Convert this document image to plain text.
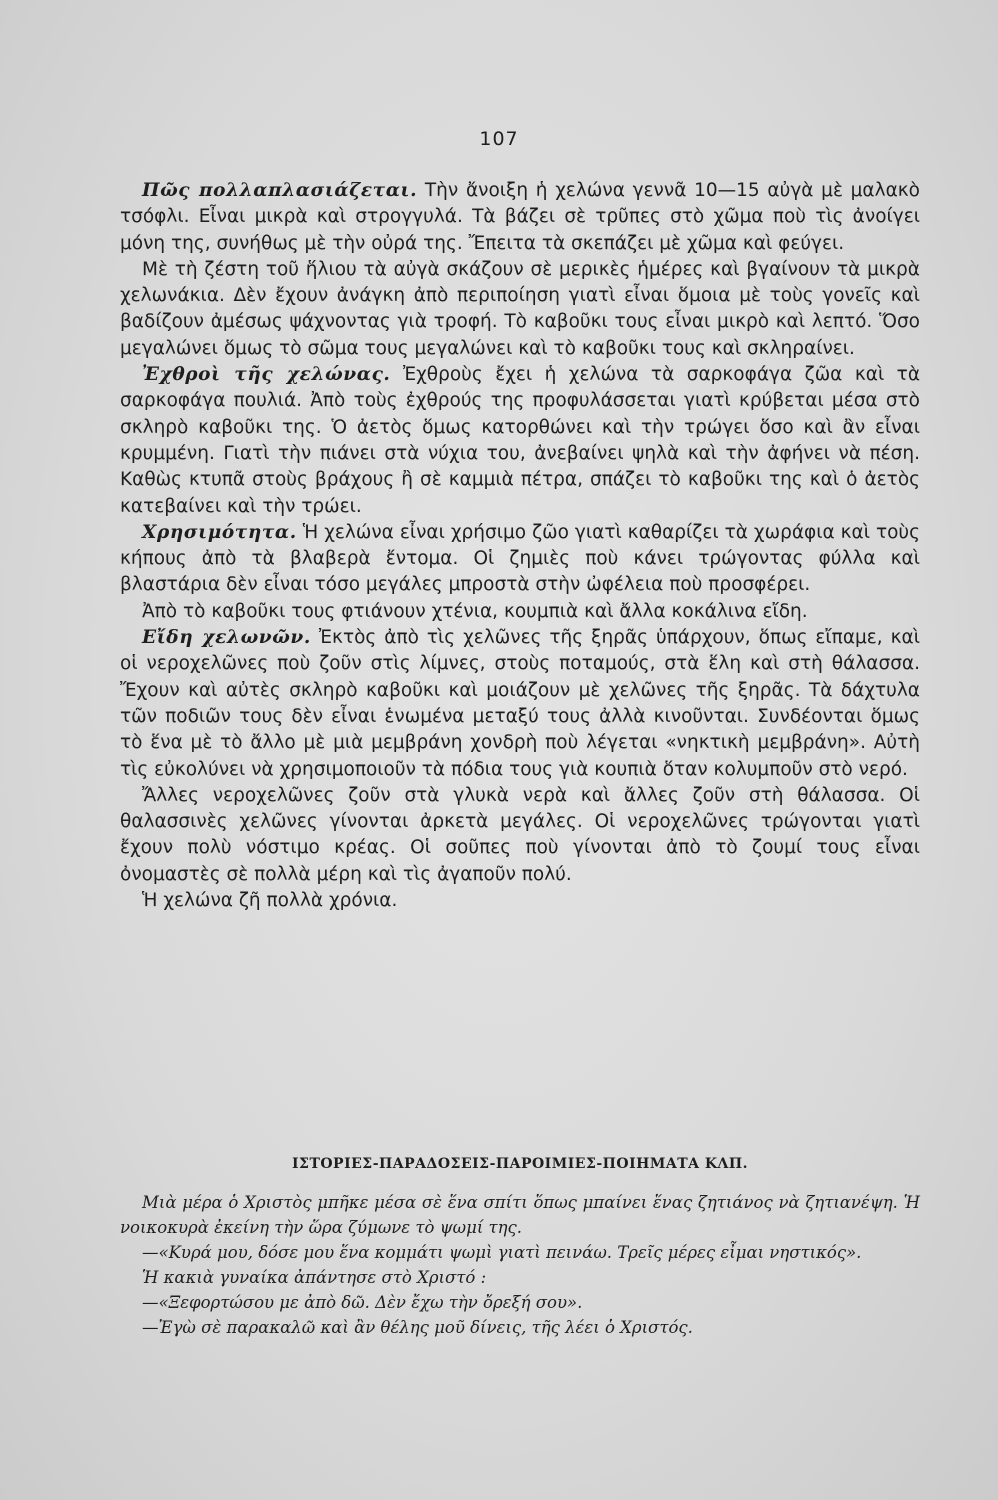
107

Πῶς πολλαπλασιάζεται. Τὴν ἄνοιξη ἡ χελώνα γεννᾶ 10—15 αὐγὰ μὲ μαλακὸ τσόφλι. Εἶναι μικρὰ καὶ στρογγυλά. Τὰ βάζει σὲ τρῦπες στὸ χῶμα ποὺ τὶς ἀνοίγει μόνη της, συνήθως μὲ τὴν οὐρά της. Ἔπειτα τὰ σκεπάζει μὲ χῶμα καὶ φεύγει.

Μὲ τὴ ζέστη τοῦ ἥλιου τὰ αὐγὰ σκάζουν σὲ μερικὲς ἡμέρες καὶ βγαίνουν τὰ μικρὰ χελωνάκια. Δὲν ἔχουν ἀνάγκη ἀπὸ περιποίηση γιατὶ εἶναι ὅμοια μὲ τοὺς γονεῖς καὶ βαδίζουν ἀμέσως ψάχνοντας γιὰ τροφή. Τὸ καβοῦκι τους εἶναι μικρὸ καὶ λεπτό. Ὅσο μεγαλώνει ὅμως τὸ σῶμα τους μεγαλώνει καὶ τὸ καβοῦκι τους καὶ σκληραίνει.

Ἐχθροὶ τῆς χελώνας. Ἐχθροὺς ἔχει ἡ χελώνα τὰ σαρκοφάγα ζῶα καὶ τὰ σαρκοφάγα πουλιά. Ἀπὸ τοὺς ἐχθρούς της προφυλάσσεται γιατὶ κρύβεται μέσα στὸ σκληρὸ καβοῦκι της. Ὁ ἀετὸς ὅμως κατορθώνει καὶ τὴν τρώγει ὅσο καὶ ἂν εἶναι κρυμμένη. Γιατὶ τὴν πιάνει στὰ νύχια του, ἀνεβαίνει ψηλὰ καὶ τὴν ἀφήνει νὰ πέση. Καθὼς κτυπᾶ στοὺς βράχους ἢ σὲ καμμιὰ πέτρα, σπάζει τὸ καβοῦκι της καὶ ὁ ἀετὸς κατεβαίνει καὶ τὴν τρώει.

Χρησιμότητα. Ἡ χελώνα εἶναι χρήσιμο ζῶο γιατὶ καθαρίζει τὰ χωράφια καὶ τοὺς κήπους ἀπὸ τὰ βλαβερὰ ἔντομα. Οἱ ζημιὲς ποὺ κάνει τρώγοντας φύλλα καὶ βλαστάρια δὲν εἶναι τόσο μεγάλες μπροστὰ στὴν ὠφέλεια ποὺ προσφέρει.

Ἀπὸ τὸ καβοῦκι τους φτιάνουν χτένια, κουμπιὰ καὶ ἄλλα κοκάλινα εἴδη.

Εἴδη χελωνῶν. Ἐκτὸς ἀπὸ τὶς χελῶνες τῆς ξηρᾶς ὑπάρχουν, ὅπως εἴπαμε, καὶ οἱ νεροχελῶνες ποὺ ζοῦν στὶς λίμνες, στοὺς ποταμούς, στὰ ἕλη καὶ στὴ θάλασσα. Ἔχουν καὶ αὐτὲς σκληρὸ καβοῦκι καὶ μοιάζουν μὲ χελῶνες τῆς ξηρᾶς. Τὰ δάχτυλα τῶν ποδιῶν τους δὲν εἶναι ἑνωμένα μεταξύ τους ἀλλὰ κινοῦνται. Συνδέονται ὅμως τὸ ἕνα μὲ τὸ ἄλλο μὲ μιὰ μεμβράνη χονδρὴ ποὺ λέγεται «νηκτικὴ μεμβράνη». Αὐτὴ τὶς εὐκολύνει νὰ χρησιμοποιοῦν τὰ πόδια τους γιὰ κουπιὰ ὅταν κολυμποῦν στὸ νερό.

Ἄλλες νεροχελῶνες ζοῦν στὰ γλυκὰ νερὰ καὶ ἄλλες ζοῦν στὴ θάλασσα. Οἱ θαλασσινὲς χελῶνες γίνονται ἀρκετὰ μεγάλες. Οἱ νεροχελῶνες τρώγονται γιατὶ ἔχουν πολὺ νόστιμο κρέας. Οἱ σοῦπες ποὺ γίνονται ἀπὸ τὸ ζουμί τους εἶναι ὀνομαστὲς σὲ πολλὰ μέρη καὶ τὶς ἀγαποῦν πολύ.

Ἡ χελώνα ζῆ πολλὰ χρόνια.

ΙΣΤΟΡΙΕΣ-ΠΑΡΑΔΟΣΕΙΣ-ΠΑΡΟΙΜΙΕΣ-ΠΟΙΗΜΑΤΑ ΚΛΠ.

Μιὰ μέρα ὁ Χριστὸς μπῆκε μέσα σὲ ἕνα σπίτι ὅπως μπαίνει ἕνας ζητιάνος νὰ ζητιανέψη. Ἡ νοικοκυρὰ ἐκείνη τὴν ὥρα ζύμωνε τὸ ψωμί της.

—«Κυρά μου, δόσε μου ἕνα κομμάτι ψωμὶ γιατὶ πεινάω. Τρεῖς μέρες εἶμαι νηστικός».

Ἡ κακιὰ γυναίκα ἀπάντησε στὸ Χριστό :

—«Ξεφορτώσου με ἀπὸ δῶ. Δὲν ἔχω τὴν ὄρεξή σου».

—Ἐγὼ σὲ παρακαλῶ καὶ ἂν θέλης μοῦ δίνεις, τῆς λέει ὁ Χριστός.
